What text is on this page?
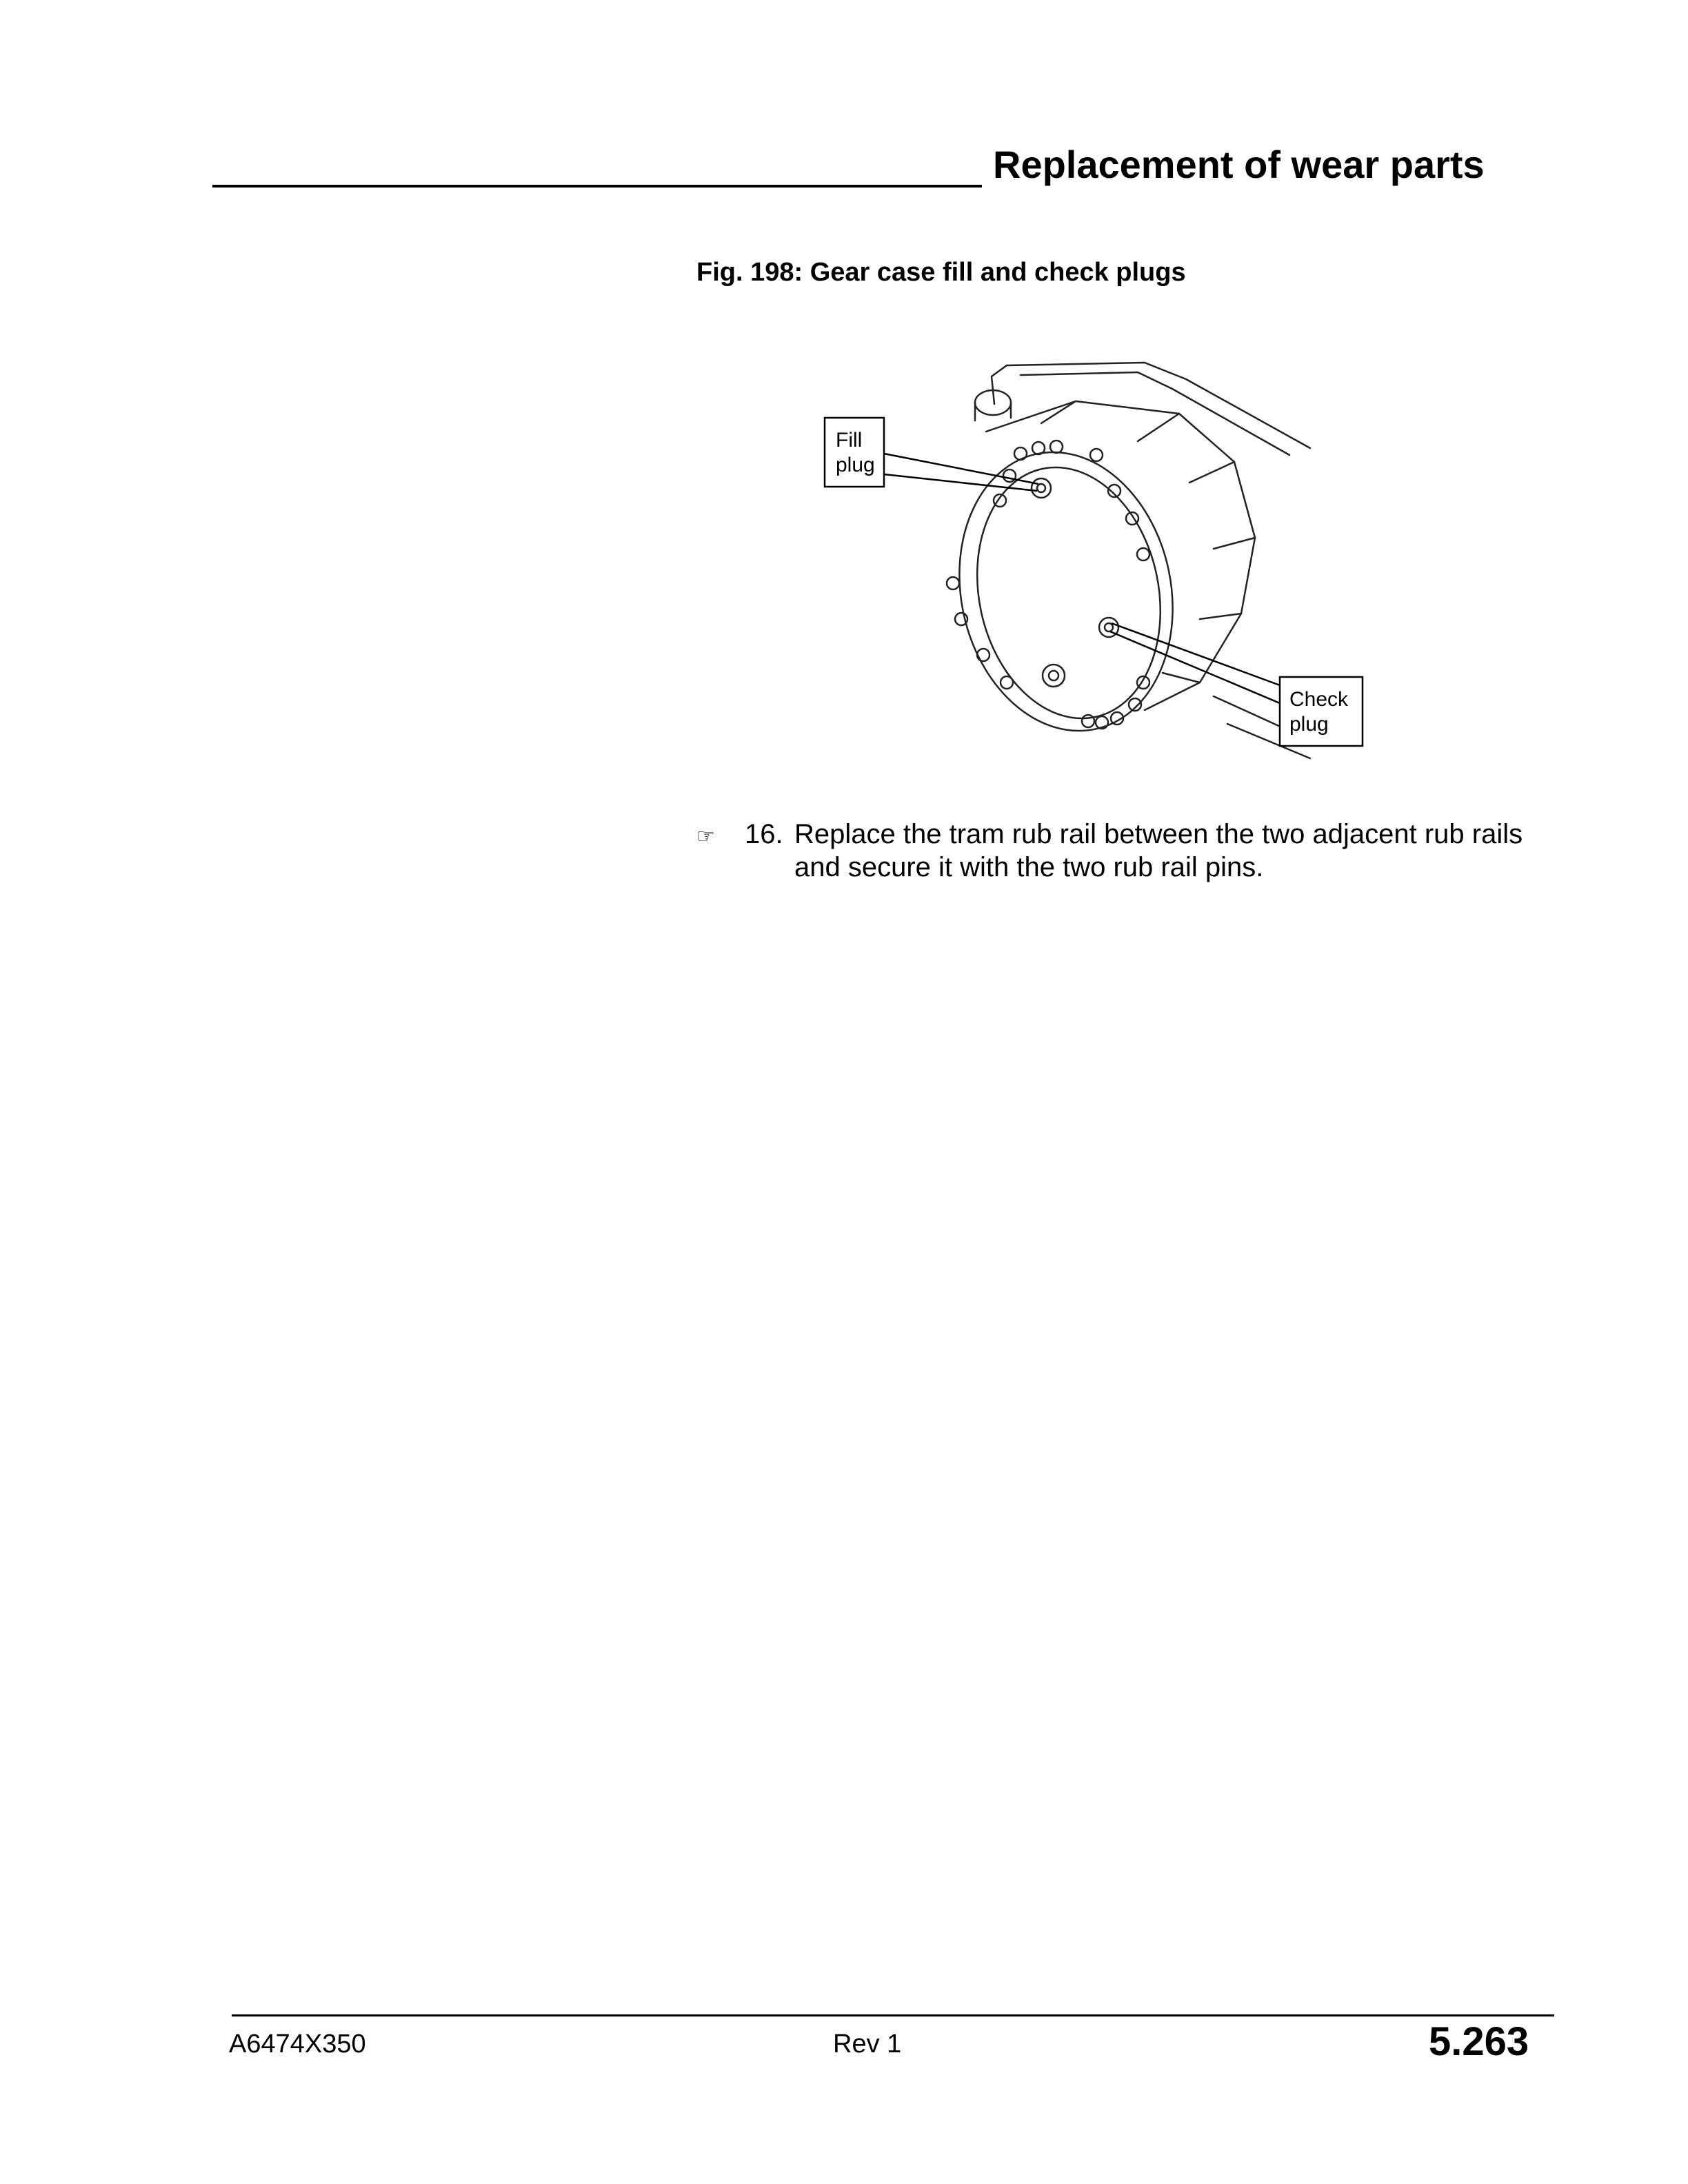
Replacement of wear parts
Fig. 198: Gear case fill and check plugs
Fill
plug
Check
plug
☞ 16. Replace the tram rub rail between the two adjacent rub rails and secure it with the two rub rail pins.
A6474X350	Rev 1	5.263
